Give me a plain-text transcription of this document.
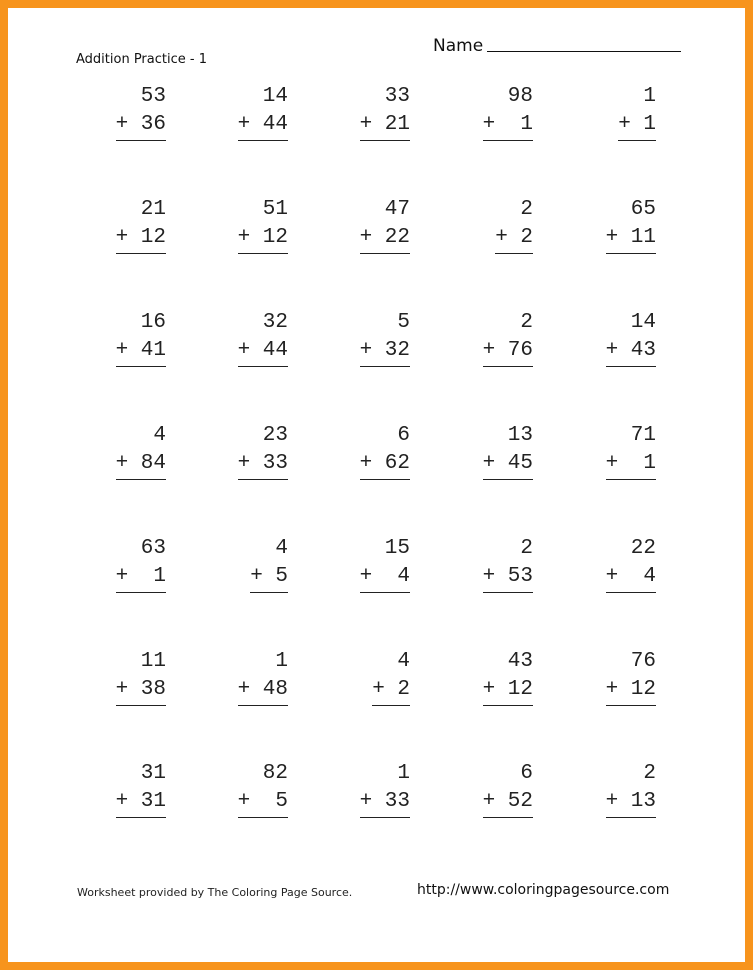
Addition Practice - 1
Name
53
+ 36
14
+ 44
33
+ 21
98
+  1
1
+ 1
21
+ 12
51
+ 12
47
+ 22
2
+ 2
65
+ 11
16
+ 41
32
+ 44
5
+ 32
2
+ 76
14
+ 43
4
+ 84
23
+ 33
6
+ 62
13
+ 45
71
+  1
63
+  1
4
+ 5
15
+  4
2
+ 53
22
+  4
11
+ 38
1
+ 48
4
+ 2
43
+ 12
76
+ 12
31
+ 31
82
+  5
1
+ 33
6
+ 52
2
+ 13
Worksheet provided by The Coloring Page Source.	http://www.coloringpagesource.com
